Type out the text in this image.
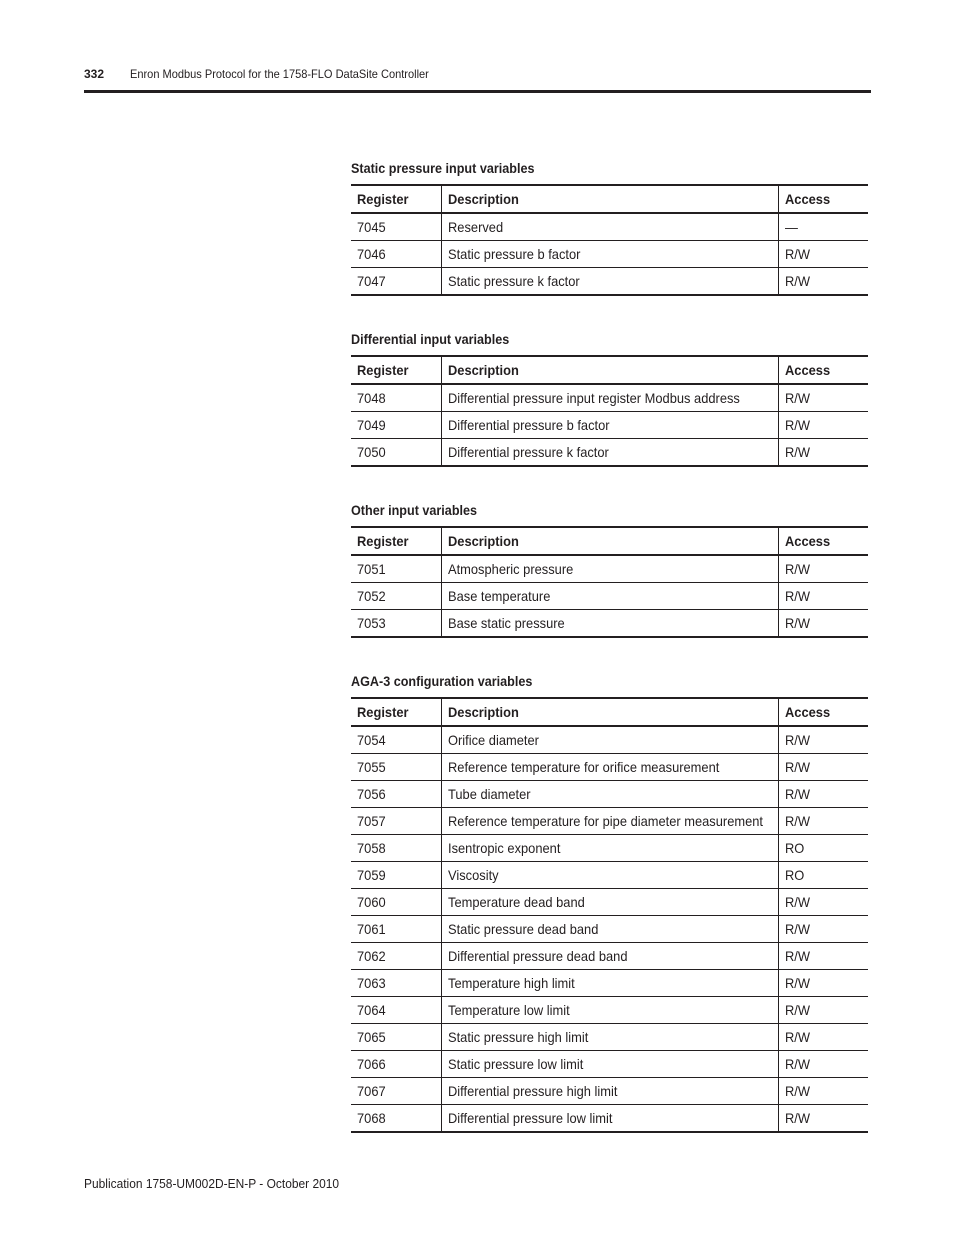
332 Enron Modbus Protocol for the 1758-FLO DataSite Controller
Static pressure input variables
Register	Description	Access
7045	Reserved	—
7046	Static pressure b factor	R/W
7047	Static pressure k factor	R/W
Differential input variables
Register	Description	Access
7048	Differential pressure input register Modbus address	R/W
7049	Differential pressure b factor	R/W
7050	Differential pressure k factor	R/W
Other input variables
Register	Description	Access
7051	Atmospheric pressure	R/W
7052	Base temperature	R/W
7053	Base static pressure	R/W
AGA-3 configuration variables
Register	Description	Access
7054	Orifice diameter	R/W
7055	Reference temperature for orifice measurement	R/W
7056	Tube diameter	R/W
7057	Reference temperature for pipe diameter measurement	R/W
7058	Isentropic exponent	RO
7059	Viscosity	RO
7060	Temperature dead band	R/W
7061	Static pressure dead band	R/W
7062	Differential pressure dead band	R/W
7063	Temperature high limit	R/W
7064	Temperature low limit	R/W
7065	Static pressure high limit	R/W
7066	Static pressure low limit	R/W
7067	Differential pressure high limit	R/W
7068	Differential pressure low limit	R/W
Publication 1758-UM002D-EN-P - October 2010
